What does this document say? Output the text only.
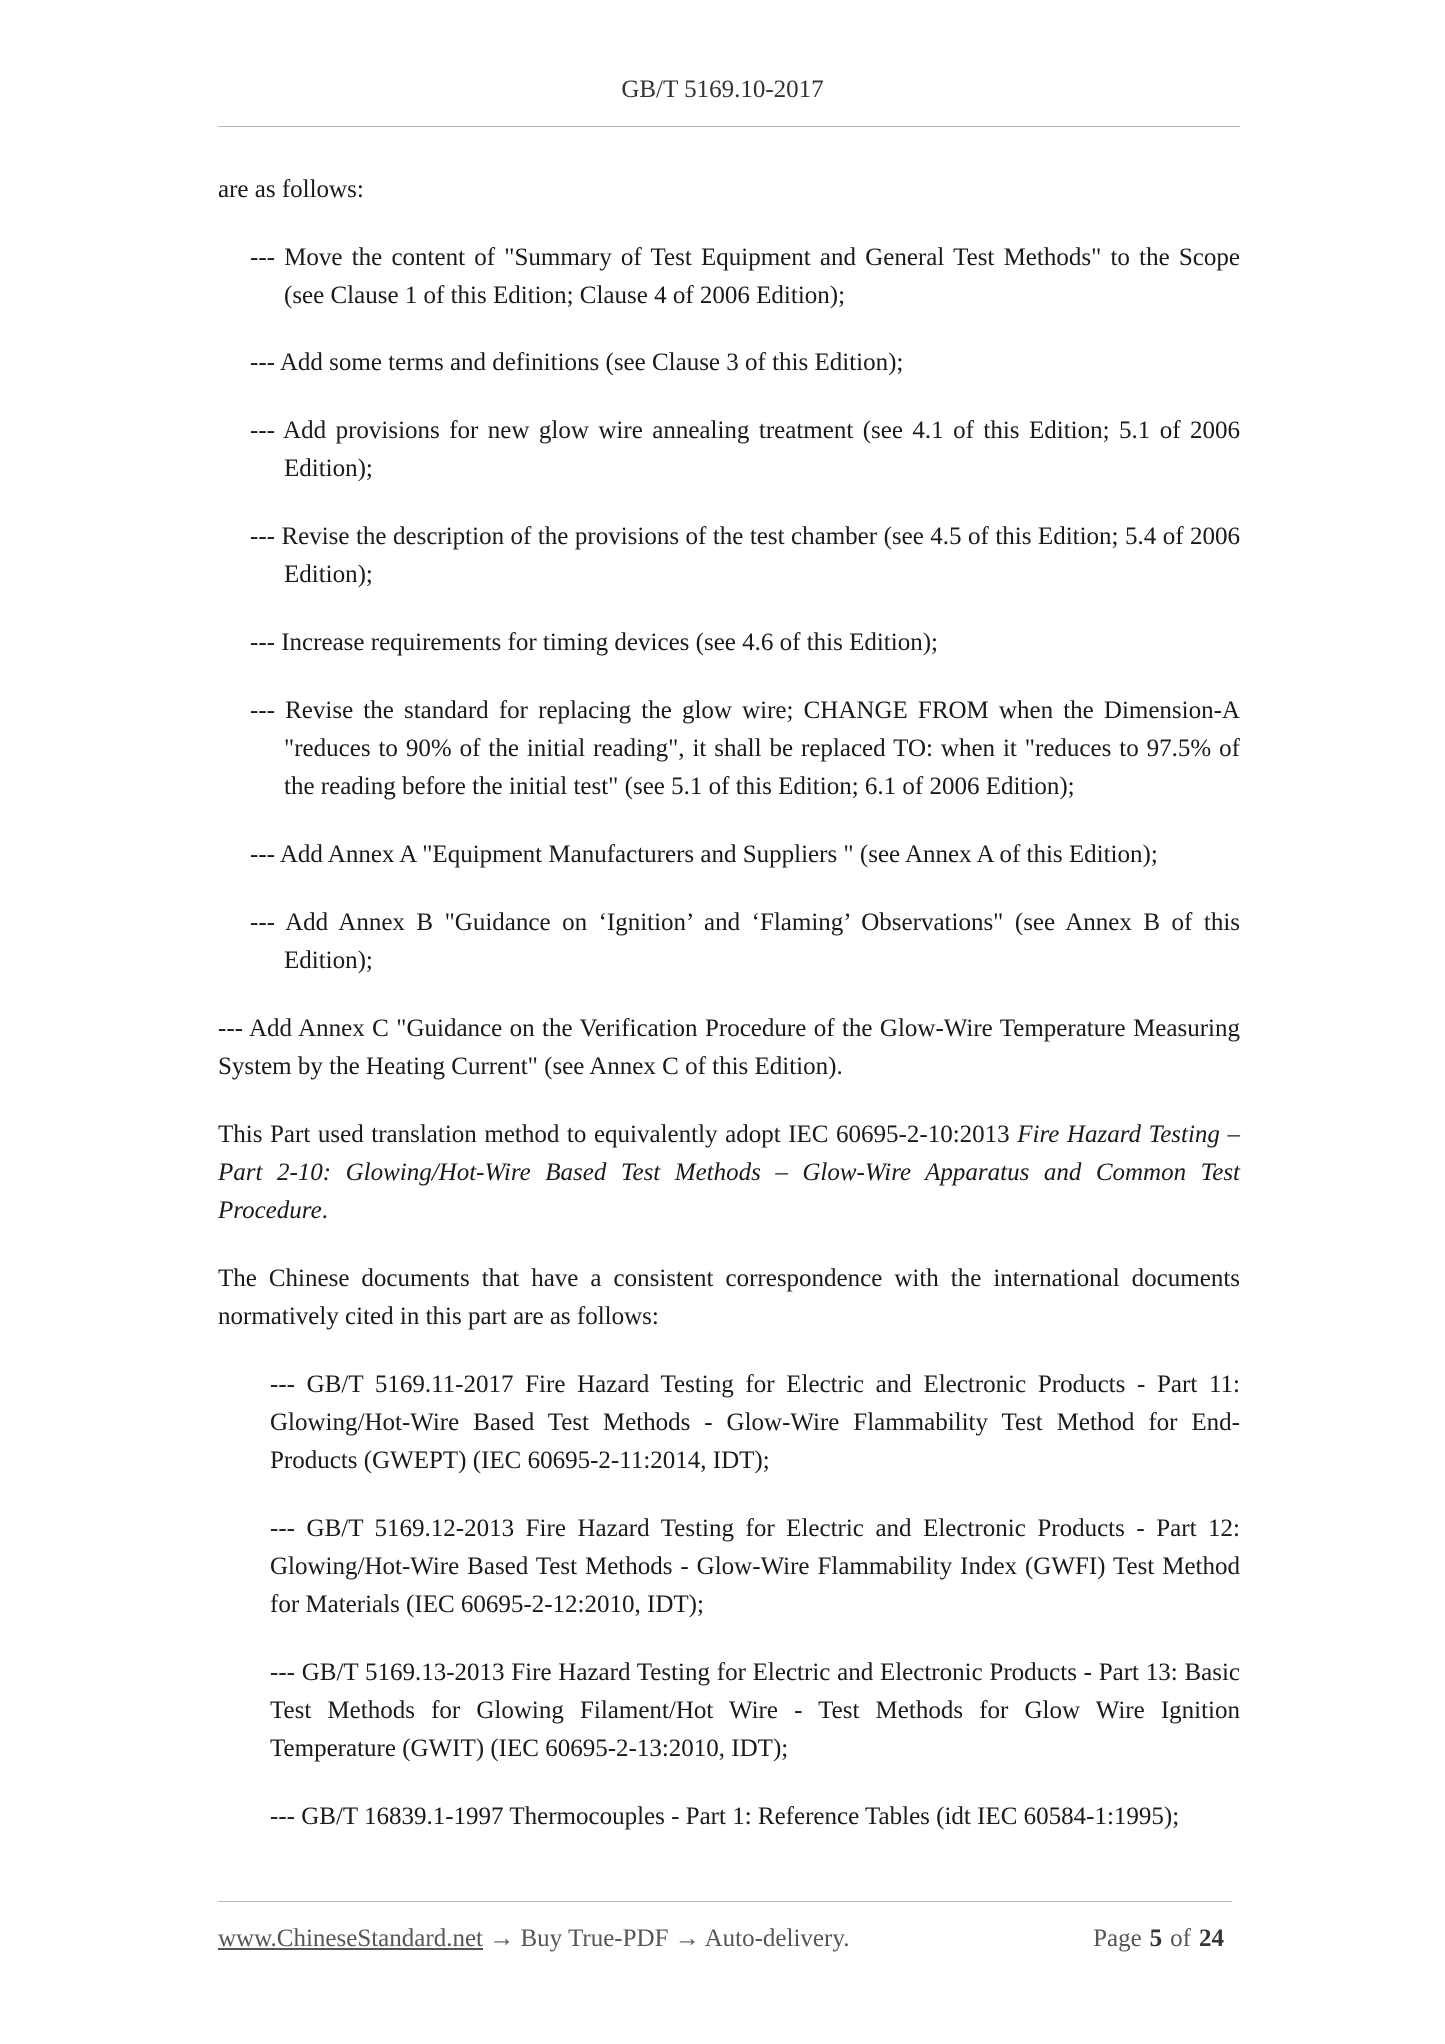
GB/T 5169.10-2017

are as follows:

--- Move the content of "Summary of Test Equipment and General Test Methods" to the Scope (see Clause 1 of this Edition; Clause 4 of 2006 Edition);

--- Add some terms and definitions (see Clause 3 of this Edition);

--- Add provisions for new glow wire annealing treatment (see 4.1 of this Edition; 5.1 of 2006 Edition);

--- Revise the description of the provisions of the test chamber (see 4.5 of this Edition; 5.4 of 2006 Edition);

--- Increase requirements for timing devices (see 4.6 of this Edition);

--- Revise the standard for replacing the glow wire; CHANGE FROM when the Dimension-A "reduces to 90% of the initial reading", it shall be replaced TO: when it "reduces to 97.5% of the reading before the initial test" (see 5.1 of this Edition; 6.1 of 2006 Edition);

--- Add Annex A "Equipment Manufacturers and Suppliers " (see Annex A of this Edition);

--- Add Annex B "Guidance on ‘Ignition’ and ‘Flaming’ Observations" (see Annex B of this Edition);

--- Add Annex C "Guidance on the Verification Procedure of the Glow-Wire Temperature Measuring System by the Heating Current" (see Annex C of this Edition).

This Part used translation method to equivalently adopt IEC 60695-2-10:2013 Fire Hazard Testing – Part 2-10: Glowing/Hot-Wire Based Test Methods – Glow-Wire Apparatus and Common Test Procedure.

The Chinese documents that have a consistent correspondence with the international documents normatively cited in this part are as follows:

--- GB/T 5169.11-2017 Fire Hazard Testing for Electric and Electronic Products - Part 11: Glowing/Hot-Wire Based Test Methods - Glow-Wire Flammability Test Method for End-Products (GWEPT) (IEC 60695-2-11:2014, IDT);

--- GB/T 5169.12-2013 Fire Hazard Testing for Electric and Electronic Products - Part 12: Glowing/Hot-Wire Based Test Methods - Glow-Wire Flammability Index (GWFI) Test Method for Materials (IEC 60695-2-12:2010, IDT);

--- GB/T 5169.13-2013 Fire Hazard Testing for Electric and Electronic Products - Part 13: Basic Test Methods for Glowing Filament/Hot Wire - Test Methods for Glow Wire Ignition Temperature (GWIT) (IEC 60695-2-13:2010, IDT);

--- GB/T 16839.1-1997 Thermocouples - Part 1: Reference Tables (idt IEC 60584-1:1995);

www.ChineseStandard.net → Buy True-PDF → Auto-delivery.	Page 5 of 24
